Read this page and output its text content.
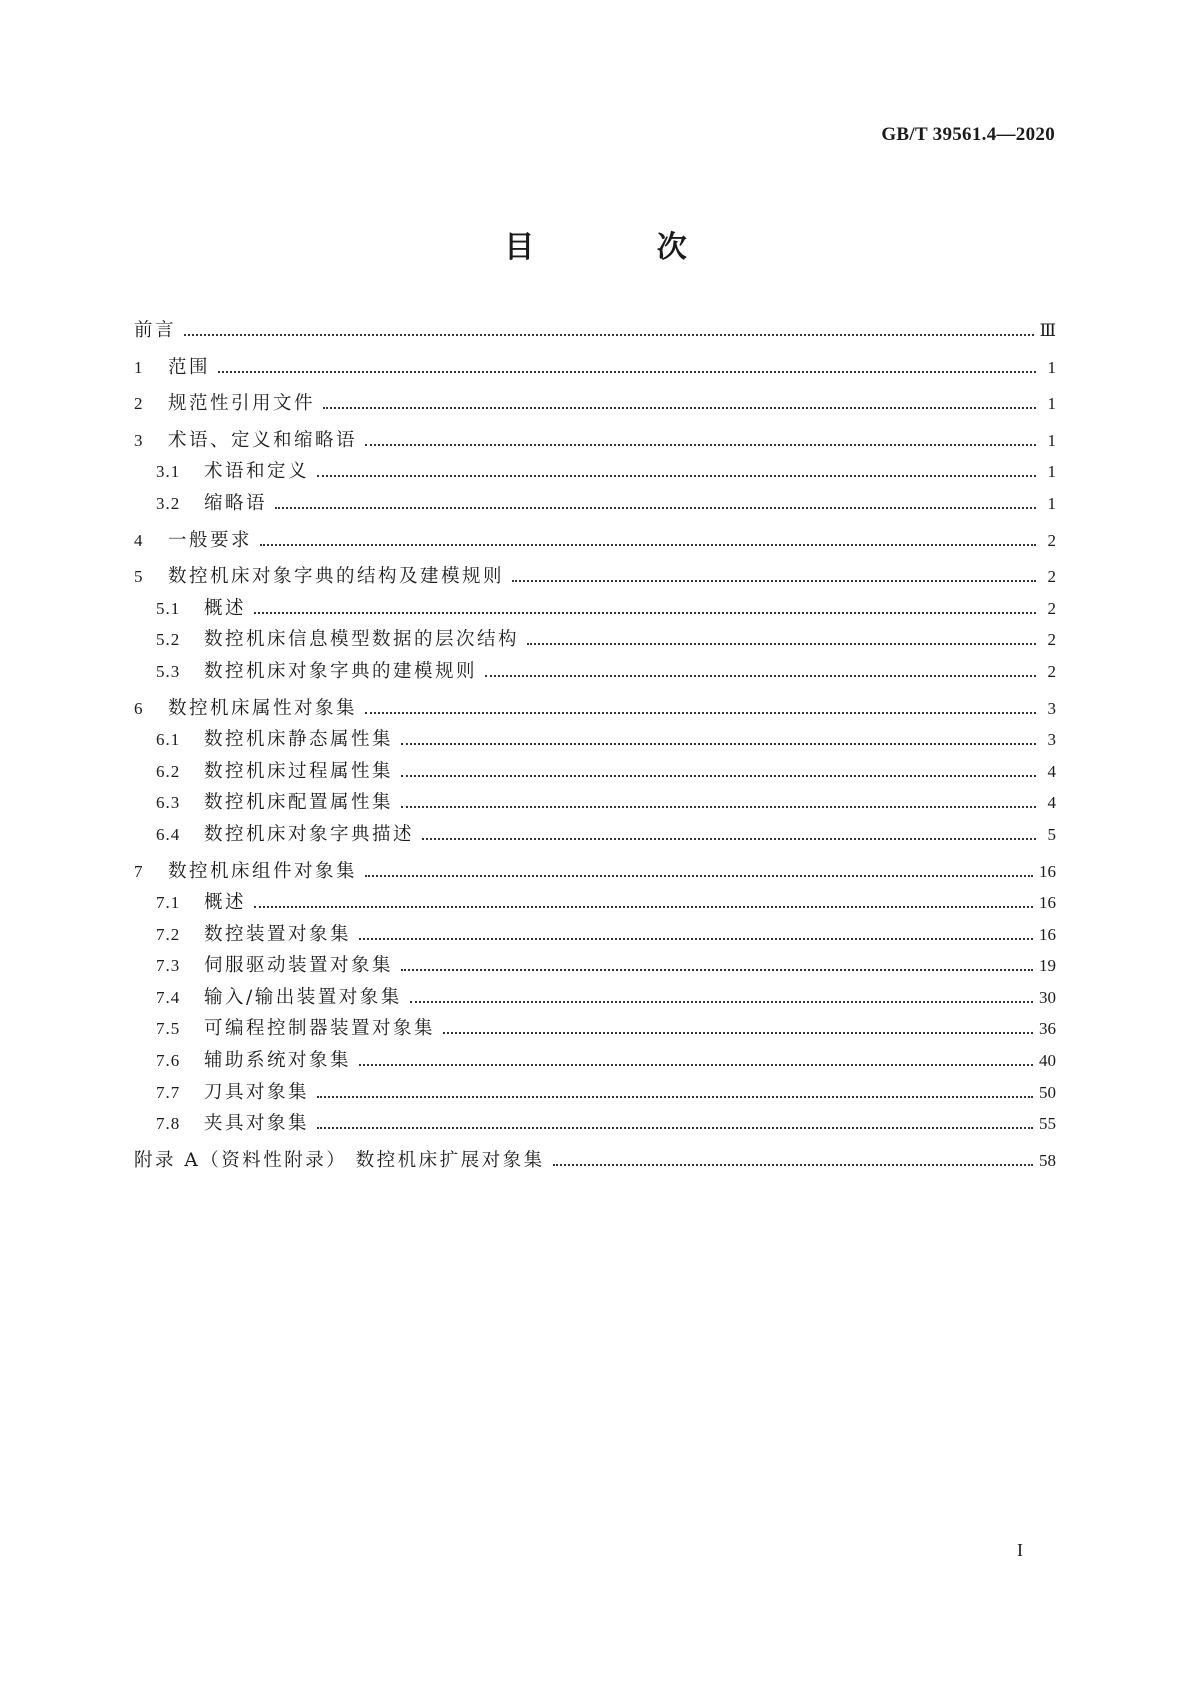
GB/T 39561.4—2020
目 次
前言	Ⅲ
1	范围	1
2	规范性引用文件	1
3	术语、定义和缩略语	1
3.1	术语和定义	1
3.2	缩略语	1
4	一般要求	2
5	数控机床对象字典的结构及建模规则	2
5.1	概述	2
5.2	数控机床信息模型数据的层次结构	2
5.3	数控机床对象字典的建模规则	2
6	数控机床属性对象集	3
6.1	数控机床静态属性集	3
6.2	数控机床过程属性集	4
6.3	数控机床配置属性集	4
6.4	数控机床对象字典描述	5
7	数控机床组件对象集	16
7.1	概述	16
7.2	数控装置对象集	16
7.3	伺服驱动装置对象集	19
7.4	输入/输出装置对象集	30
7.5	可编程控制器装置对象集	36
7.6	辅助系统对象集	40
7.7	刀具对象集	50
7.8	夹具对象集	55
附录 A（资料性附录） 数控机床扩展对象集	58
I
